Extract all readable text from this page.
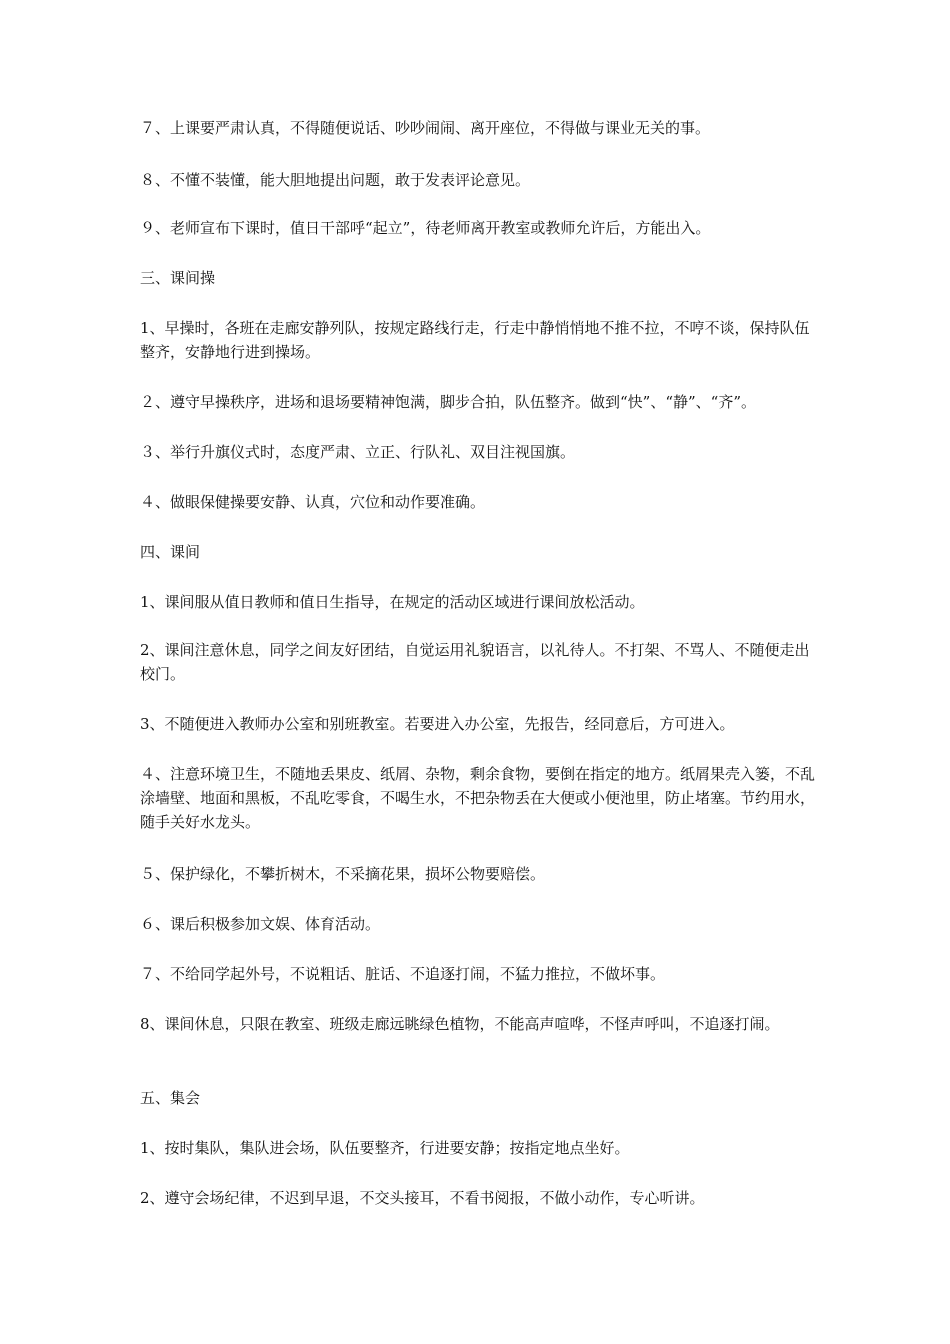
７、上课要严肃认真，不得随便说话、吵吵闹闹、离开座位，不得做与课业无关的事。

８、不懂不装懂，能大胆地提出问题，敢于发表评论意见。

９、老师宣布下课时，值日干部呼“起立”，待老师离开教室或教师允许后，方能出入。

三、课间操

1、早操时，各班在走廊安静列队，按规定路线行走，行走中静悄悄地不推不拉，不哼不谈，保持队伍整齐，安静地行进到操场。

２、遵守早操秩序，进场和退场要精神饱满，脚步合拍，队伍整齐。做到“快”、“静”、“齐”。

３、举行升旗仪式时，态度严肃、立正、行队礼、双目注视国旗。

４、做眼保健操要安静、认真，穴位和动作要准确。

四、课间

1、课间服从值日教师和值日生指导，在规定的活动区域进行课间放松活动。

2、课间注意休息，同学之间友好团结，自觉运用礼貌语言，以礼待人。不打架、不骂人、不随便走出校门。

3、不随便进入教师办公室和别班教室。若要进入办公室，先报告，经同意后，方可进入。

４、注意环境卫生，不随地丢果皮、纸屑、杂物，剩余食物，要倒在指定的地方。纸屑果壳入篓，不乱涂墙壁、地面和黑板，不乱吃零食，不喝生水，不把杂物丢在大便或小便池里，防止堵塞。节约用水，随手关好水龙头。

５、保护绿化，不攀折树木，不采摘花果，损坏公物要赔偿。

６、课后积极参加文娱、体育活动。

７、不给同学起外号，不说粗话、脏话、不追逐打闹，不猛力推拉，不做坏事。

8、课间休息，只限在教室、班级走廊远眺绿色植物，不能高声喧哗，不怪声呼叫，不追逐打闹。

五、集会

1、按时集队，集队进会场，队伍要整齐，行进要安静；按指定地点坐好。

2、遵守会场纪律，不迟到早退，不交头接耳，不看书阅报，不做小动作，专心听讲。
